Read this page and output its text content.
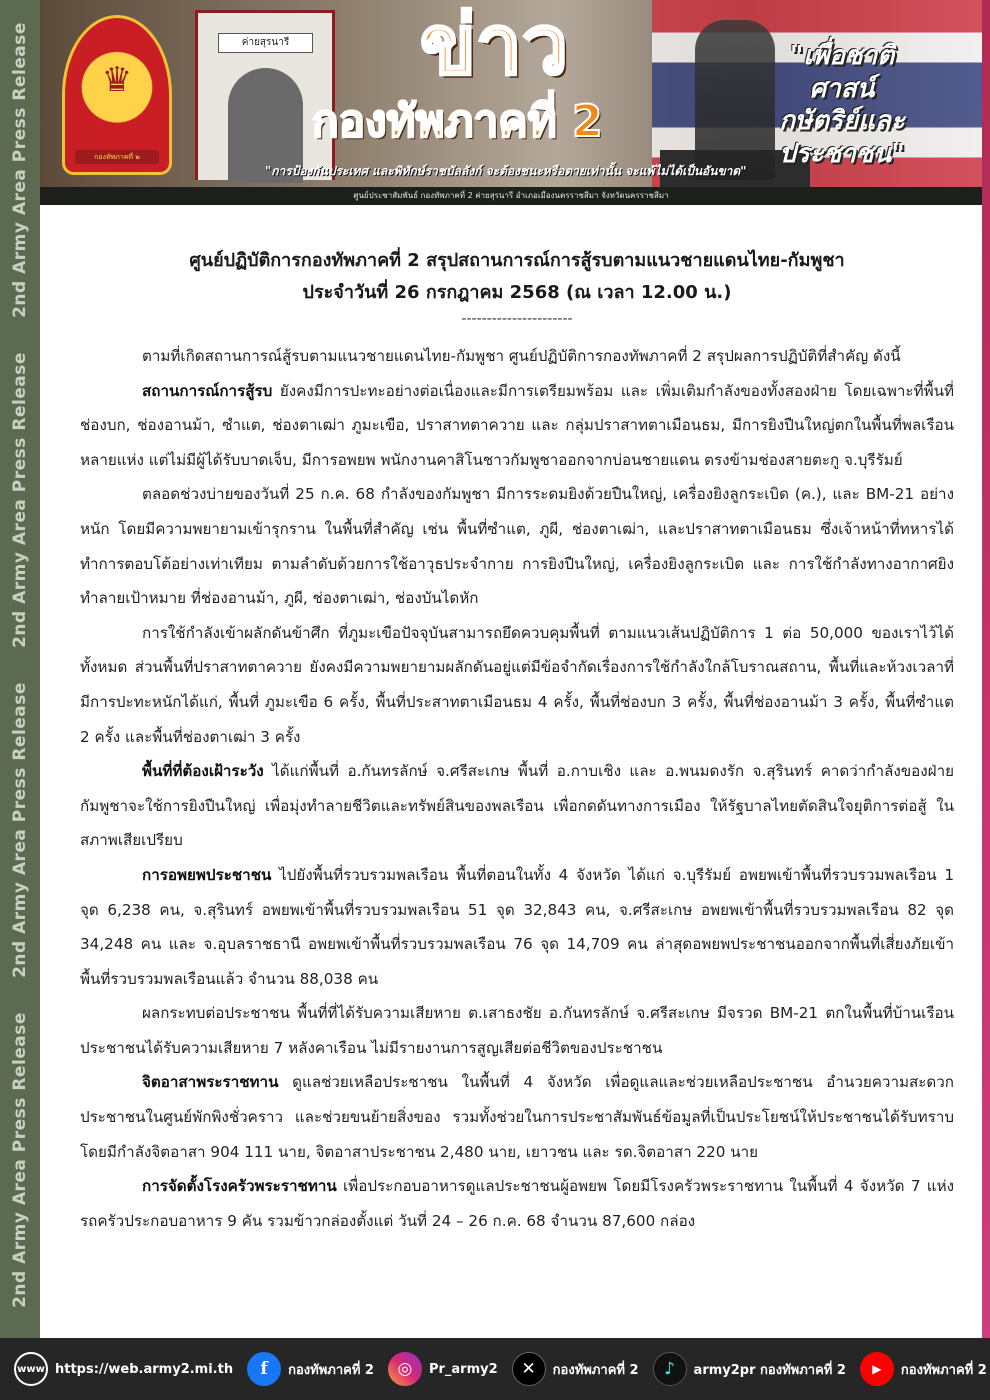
2nd Army Area Press Release
2nd Army Area Press Release
2nd Army Area Press Release
2nd Army Area Press Release
ค่ายสุรนารี
♛
กองทัพภาคที่ ๒
ข่าว
กองทัพภาคที่ 2
"เพื่อชาติ
ศาสน์
กษัตริย์และประชาชน"
"การป้องกันประเทศ และพิทักษ์ราชบัลลังก์ จะต้องชนะหรือตายเท่านั้น จะแพ้ไม่ได้เป็นอันขาด"
ศูนย์ประชาสัมพันธ์ กองทัพภาคที่ 2 ค่ายสุรนารี อำเภอเมืองนครราชสีมา จังหวัดนครราชสีมา
ศูนย์ปฏิบัติการกองทัพภาคที่ 2 สรุปสถานการณ์การสู้รบตามแนวชายแดนไทย-กัมพูชา
ประจำวันที่ 26 กรกฎาคม 2568 (ณ เวลา 12.00 น.)
----------------------

ตามที่เกิดสถานการณ์สู้รบตามแนวชายแดนไทย-กัมพูชา ศูนย์ปฏิบัติการกองทัพภาคที่ 2 สรุปผลการปฏิบัติที่สำคัญ ดังนี้

สถานการณ์การสู้รบ ยังคงมีการปะทะอย่างต่อเนื่องและมีการเตรียมพร้อม และ เพิ่มเติมกำลังของทั้งสองฝ่าย โดยเฉพาะที่พื้นที่ ช่องบก, ช่องอานม้า, ซำแต, ช่องตาเฒ่า ภูมะเขือ, ปราสาทตาควาย และ กลุ่มปราสาทตาเมือนธม, มีการยิงปืนใหญ่ตกในพื้นที่พลเรือนหลายแห่ง แต่ไม่มีผู้ได้รับบาดเจ็บ, มีการอพยพ พนักงานคาสิโนชาวกัมพูชาออกจากบ่อนชายแดน ตรงข้ามช่องสายตะกู จ.บุรีรัมย์

ตลอดช่วงบ่ายของวันที่ 25 ก.ค. 68 กำลังของกัมพูชา มีการระดมยิงด้วยปืนใหญ่, เครื่องยิงลูกระเบิด (ค.), และ BM-21 อย่างหนัก โดยมีความพยายามเข้ารุกราน ในพื้นที่สำคัญ เช่น พื้นที่ซำแต, ภูผี, ช่องตาเฒ่า, และปราสาทตาเมือนธม ซึ่งเจ้าหน้าที่ทหารได้ทำการตอบโต้อย่างเท่าเทียม ตามลำดับด้วยการใช้อาวุธประจำกาย การยิงปืนใหญ่, เครื่องยิงลูกระเบิด และ การใช้กำลังทางอากาศยิงทำลายเป้าหมาย ที่ช่องอานม้า, ภูผี, ช่องตาเฒ่า, ช่องบันไดหัก

การใช้กำลังเข้าผลักดันข้าศึก ที่ภูมะเขือปัจจุบันสามารถยึดควบคุมพื้นที่ ตามแนวเส้นปฏิบัติการ 1 ต่อ 50,000 ของเราไว้ได้ทั้งหมด ส่วนพื้นที่ปราสาทตาควาย ยังคงมีความพยายามผลักดันอยู่แต่มีข้อจำกัดเรื่องการใช้กำลังใกล้โบราณสถาน, พื้นที่และห้วงเวลาที่มีการปะทะหนักได้แก่, พื้นที่ ภูมะเขือ 6 ครั้ง, พื้นที่ประสาทตาเมือนธม 4 ครั้ง, พื้นที่ช่องบก 3 ครั้ง, พื้นที่ช่องอานม้า 3 ครั้ง, พื้นที่ซำแต 2 ครั้ง และพื้นที่ช่องตาเฒ่า 3 ครั้ง

พื้นที่ที่ต้องเฝ้าระวัง ได้แก่พื้นที่ อ.กันทรลักษ์ จ.ศรีสะเกษ พื้นที่ อ.กาบเชิง และ อ.พนมดงรัก จ.สุรินทร์ คาดว่ากำลังของฝ่ายกัมพูชาจะใช้การยิงปืนใหญ่ เพื่อมุ่งทำลายชีวิตและทรัพย์สินของพลเรือน เพื่อกดดันทางการเมือง ให้รัฐบาลไทยตัดสินใจยุติการต่อสู้ ในสภาพเสียเปรียบ

การอพยพประชาชน ไปยังพื้นที่รวบรวมพลเรือน พื้นที่ตอนในทั้ง 4 จังหวัด ได้แก่ จ.บุรีรัมย์ อพยพเข้าพื้นที่รวบรวมพลเรือน 1 จุด 6,238 คน, จ.สุรินทร์ อพยพเข้าพื้นที่รวบรวมพลเรือน 51 จุด 32,843 คน, จ.ศรีสะเกษ อพยพเข้าพื้นที่รวบรวมพลเรือน 82 จุด 34,248 คน และ จ.อุบลราชธานี อพยพเข้าพื้นที่รวบรวมพลเรือน 76 จุด 14,709 คน ล่าสุดอพยพประชาชนออกจากพื้นที่เสี่ยงภัยเข้าพื้นที่รวบรวมพลเรือนแล้ว จำนวน 88,038 คน

ผลกระทบต่อประชาชน พื้นที่ที่ได้รับความเสียหาย ต.เสาธงชัย อ.กันทรลักษ์ จ.ศรีสะเกษ มีจรวด BM-21 ตกในพื้นที่บ้านเรือนประชาชนได้รับความเสียหาย 7 หลังคาเรือน ไม่มีรายงานการสูญเสียต่อชีวิตของประชาชน

จิตอาสาพระราชทาน ดูแลช่วยเหลือประชาชน ในพื้นที่ 4 จังหวัด เพื่อดูแลและช่วยเหลือประชาชน อำนวยความสะดวกประชาชนในศูนย์พักพิงชั่วคราว และช่วยขนย้ายสิ่งของ รวมทั้งช่วยในการประชาสัมพันธ์ข้อมูลที่เป็นประโยชน์ให้ประชาชนได้รับทราบ โดยมีกำลังจิตอาสา 904 111 นาย, จิตอาสาประชาชน 2,480 นาย, เยาวชน และ รด.จิตอาสา 220 นาย

การจัดตั้งโรงครัวพระราชทาน เพื่อประกอบอาหารดูแลประชาชนผู้อพยพ โดยมีโรงครัวพระราชทาน ในพื้นที่ 4 จังหวัด 7 แห่ง รถครัวประกอบอาหาร 9 คัน รวมข้าวกล่องตั้งแต่ วันที่ 24 – 26 ก.ค. 68 จำนวน 87,600 กล่อง

www https://web.army2.mi.th	f	กองทัพภาคที่ 2	◎	Pr_army2	✕	กองทัพภาคที่ 2	♪	army2pr กองทัพภาคที่ 2	▶	กองทัพภาคที่ 2
